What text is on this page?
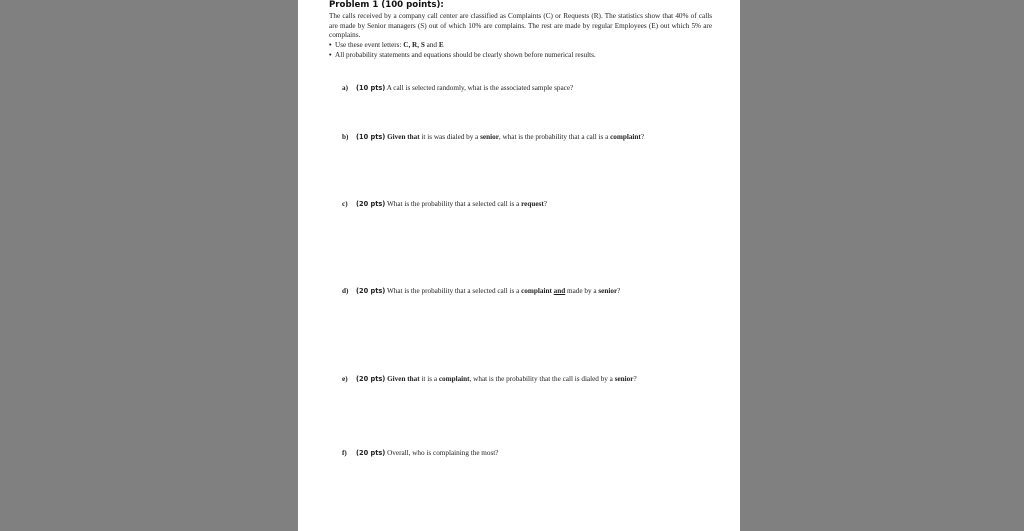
Problem 1 (100 points):

The calls received by a company call center are classified as Complaints (C) or Requests (R). The statistics show that 40% of calls are made by Senior managers (S) out of which 10% are complains. The rest are made by regular Employees (E) out which 5% are complains.

• Use these event letters: C, R, S and E

• All probability statements and equations should be clearly shown before numerical results.

a) (10 pts) A call is selected randomly, what is the associated sample space?
b) (10 pts) Given that it is was dialed by a senior, what is the probability that a call is a complaint?
c) (20 pts) What is the probability that a selected call is a request?
d) (20 pts) What is the probability that a selected call is a complaint and made by a senior?
e) (20 pts) Given that it is a complaint, what is the probability that the call is dialed by a senior?
f) (20 pts) Overall, who is complaining the most?
